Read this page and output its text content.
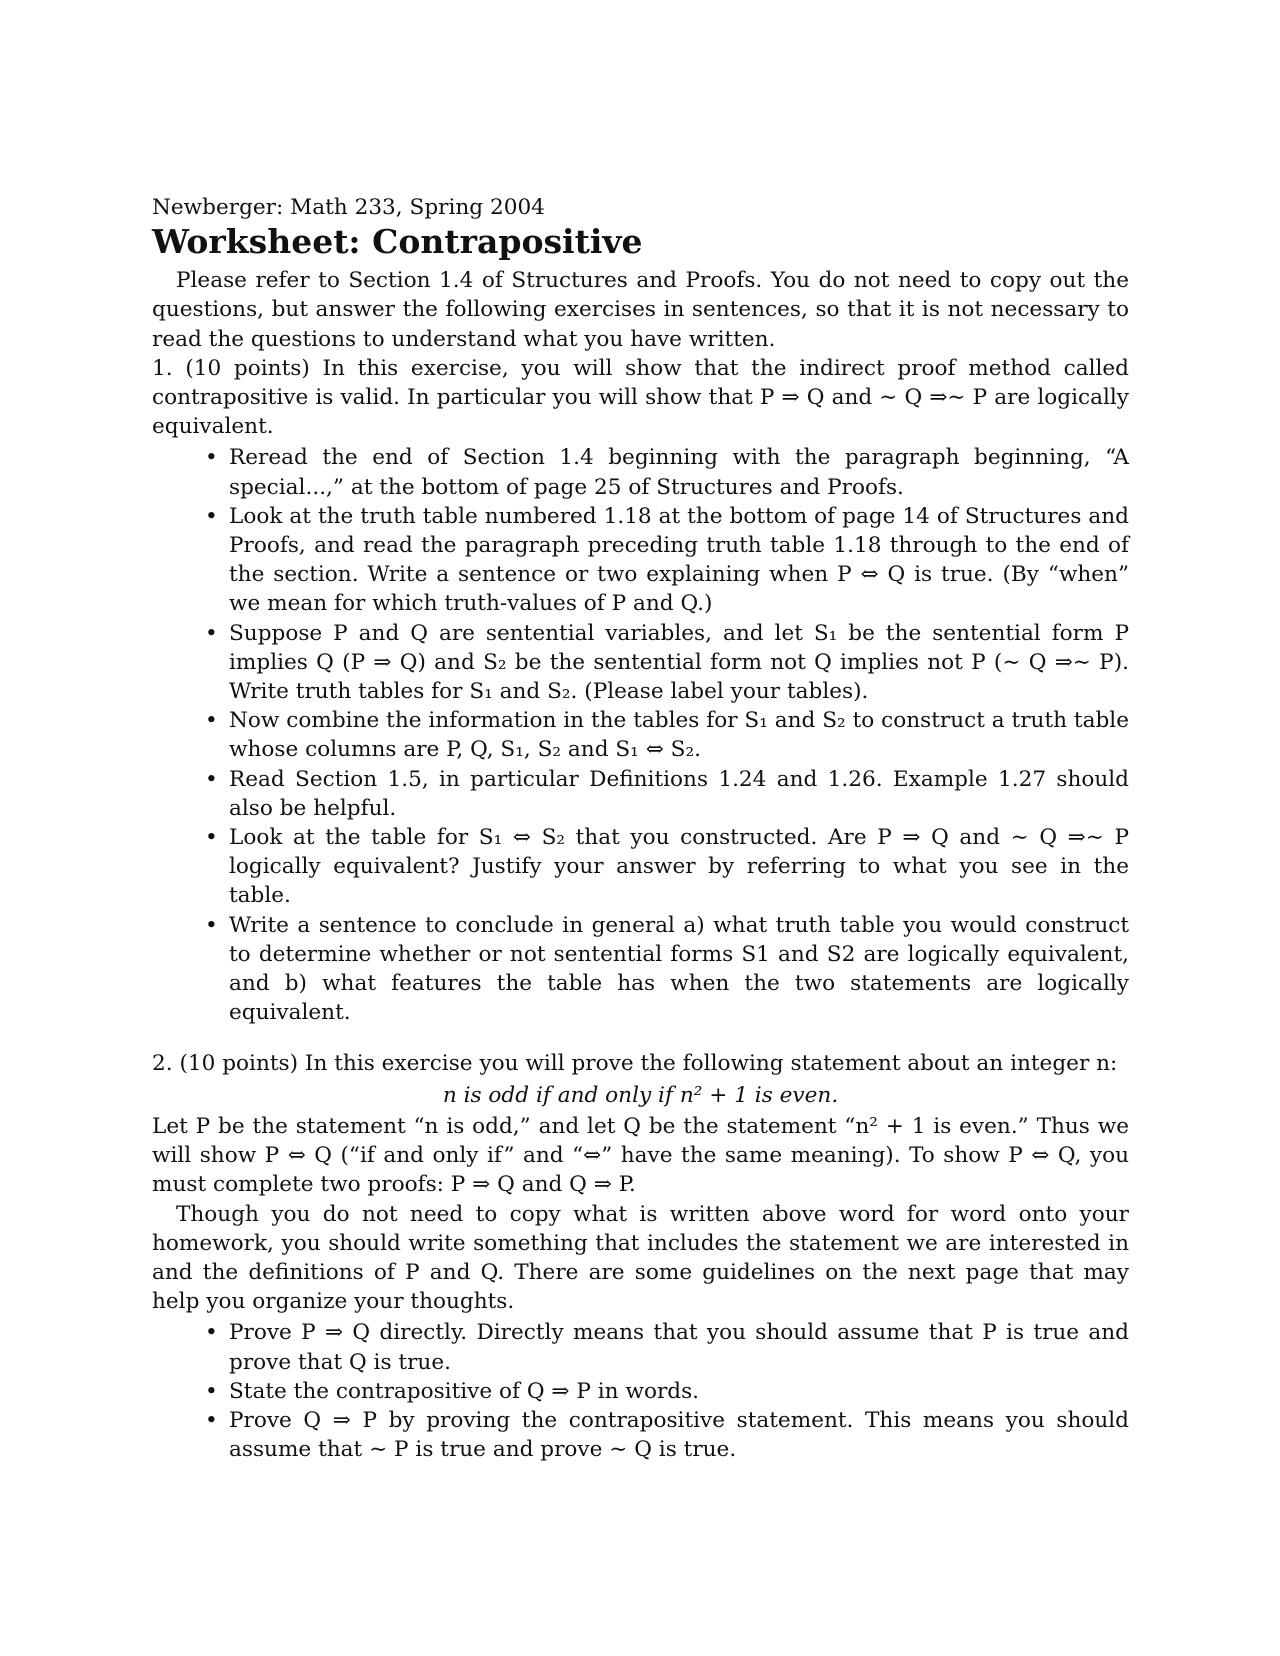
Newberger: Math 233, Spring 2004

Worksheet: Contrapositive

Please refer to Section 1.4 of Structures and Proofs. You do not need to copy out the questions, but answer the following exercises in sentences, so that it is not necessary to read the questions to understand what you have written.

1. (10 points) In this exercise, you will show that the indirect proof method called contrapositive is valid. In particular you will show that P ⇒ Q and ∼ Q ⇒∼ P are logically equivalent.

• Reread the end of Section 1.4 beginning with the paragraph beginning, “A special...,” at the bottom of page 25 of Structures and Proofs.
• Look at the truth table numbered 1.18 at the bottom of page 14 of Structures and Proofs, and read the paragraph preceding truth table 1.18 through to the end of the section. Write a sentence or two explaining when P ⇔ Q is true. (By “when” we mean for which truth-values of P and Q.)
• Suppose P and Q are sentential variables, and let S₁ be the sentential form P implies Q (P ⇒ Q) and S₂ be the sentential form not Q implies not P (∼ Q ⇒∼ P). Write truth tables for S₁ and S₂. (Please label your tables).
• Now combine the information in the tables for S₁ and S₂ to construct a truth table whose columns are P, Q, S₁, S₂ and S₁ ⇔ S₂.
• Read Section 1.5, in particular Definitions 1.24 and 1.26. Example 1.27 should also be helpful.
• Look at the table for S₁ ⇔ S₂ that you constructed. Are P ⇒ Q and ∼ Q ⇒∼ P logically equivalent? Justify your answer by referring to what you see in the table.
• Write a sentence to conclude in general a) what truth table you would construct to determine whether or not sentential forms S1 and S2 are logically equivalent, and b) what features the table has when the two statements are logically equivalent.

2. (10 points) In this exercise you will prove the following statement about an integer n:

n is odd if and only if n² + 1 is even.

Let P be the statement “n is odd,” and let Q be the statement “n² + 1 is even.” Thus we will show P ⇔ Q (“if and only if” and “⇔” have the same meaning). To show P ⇔ Q, you must complete two proofs: P ⇒ Q and Q ⇒ P.

Though you do not need to copy what is written above word for word onto your homework, you should write something that includes the statement we are interested in and the definitions of P and Q. There are some guidelines on the next page that may help you organize your thoughts.

• Prove P ⇒ Q directly. Directly means that you should assume that P is true and prove that Q is true.
• State the contrapositive of Q ⇒ P in words.
• Prove Q ⇒ P by proving the contrapositive statement. This means you should assume that ∼ P is true and prove ∼ Q is true.
